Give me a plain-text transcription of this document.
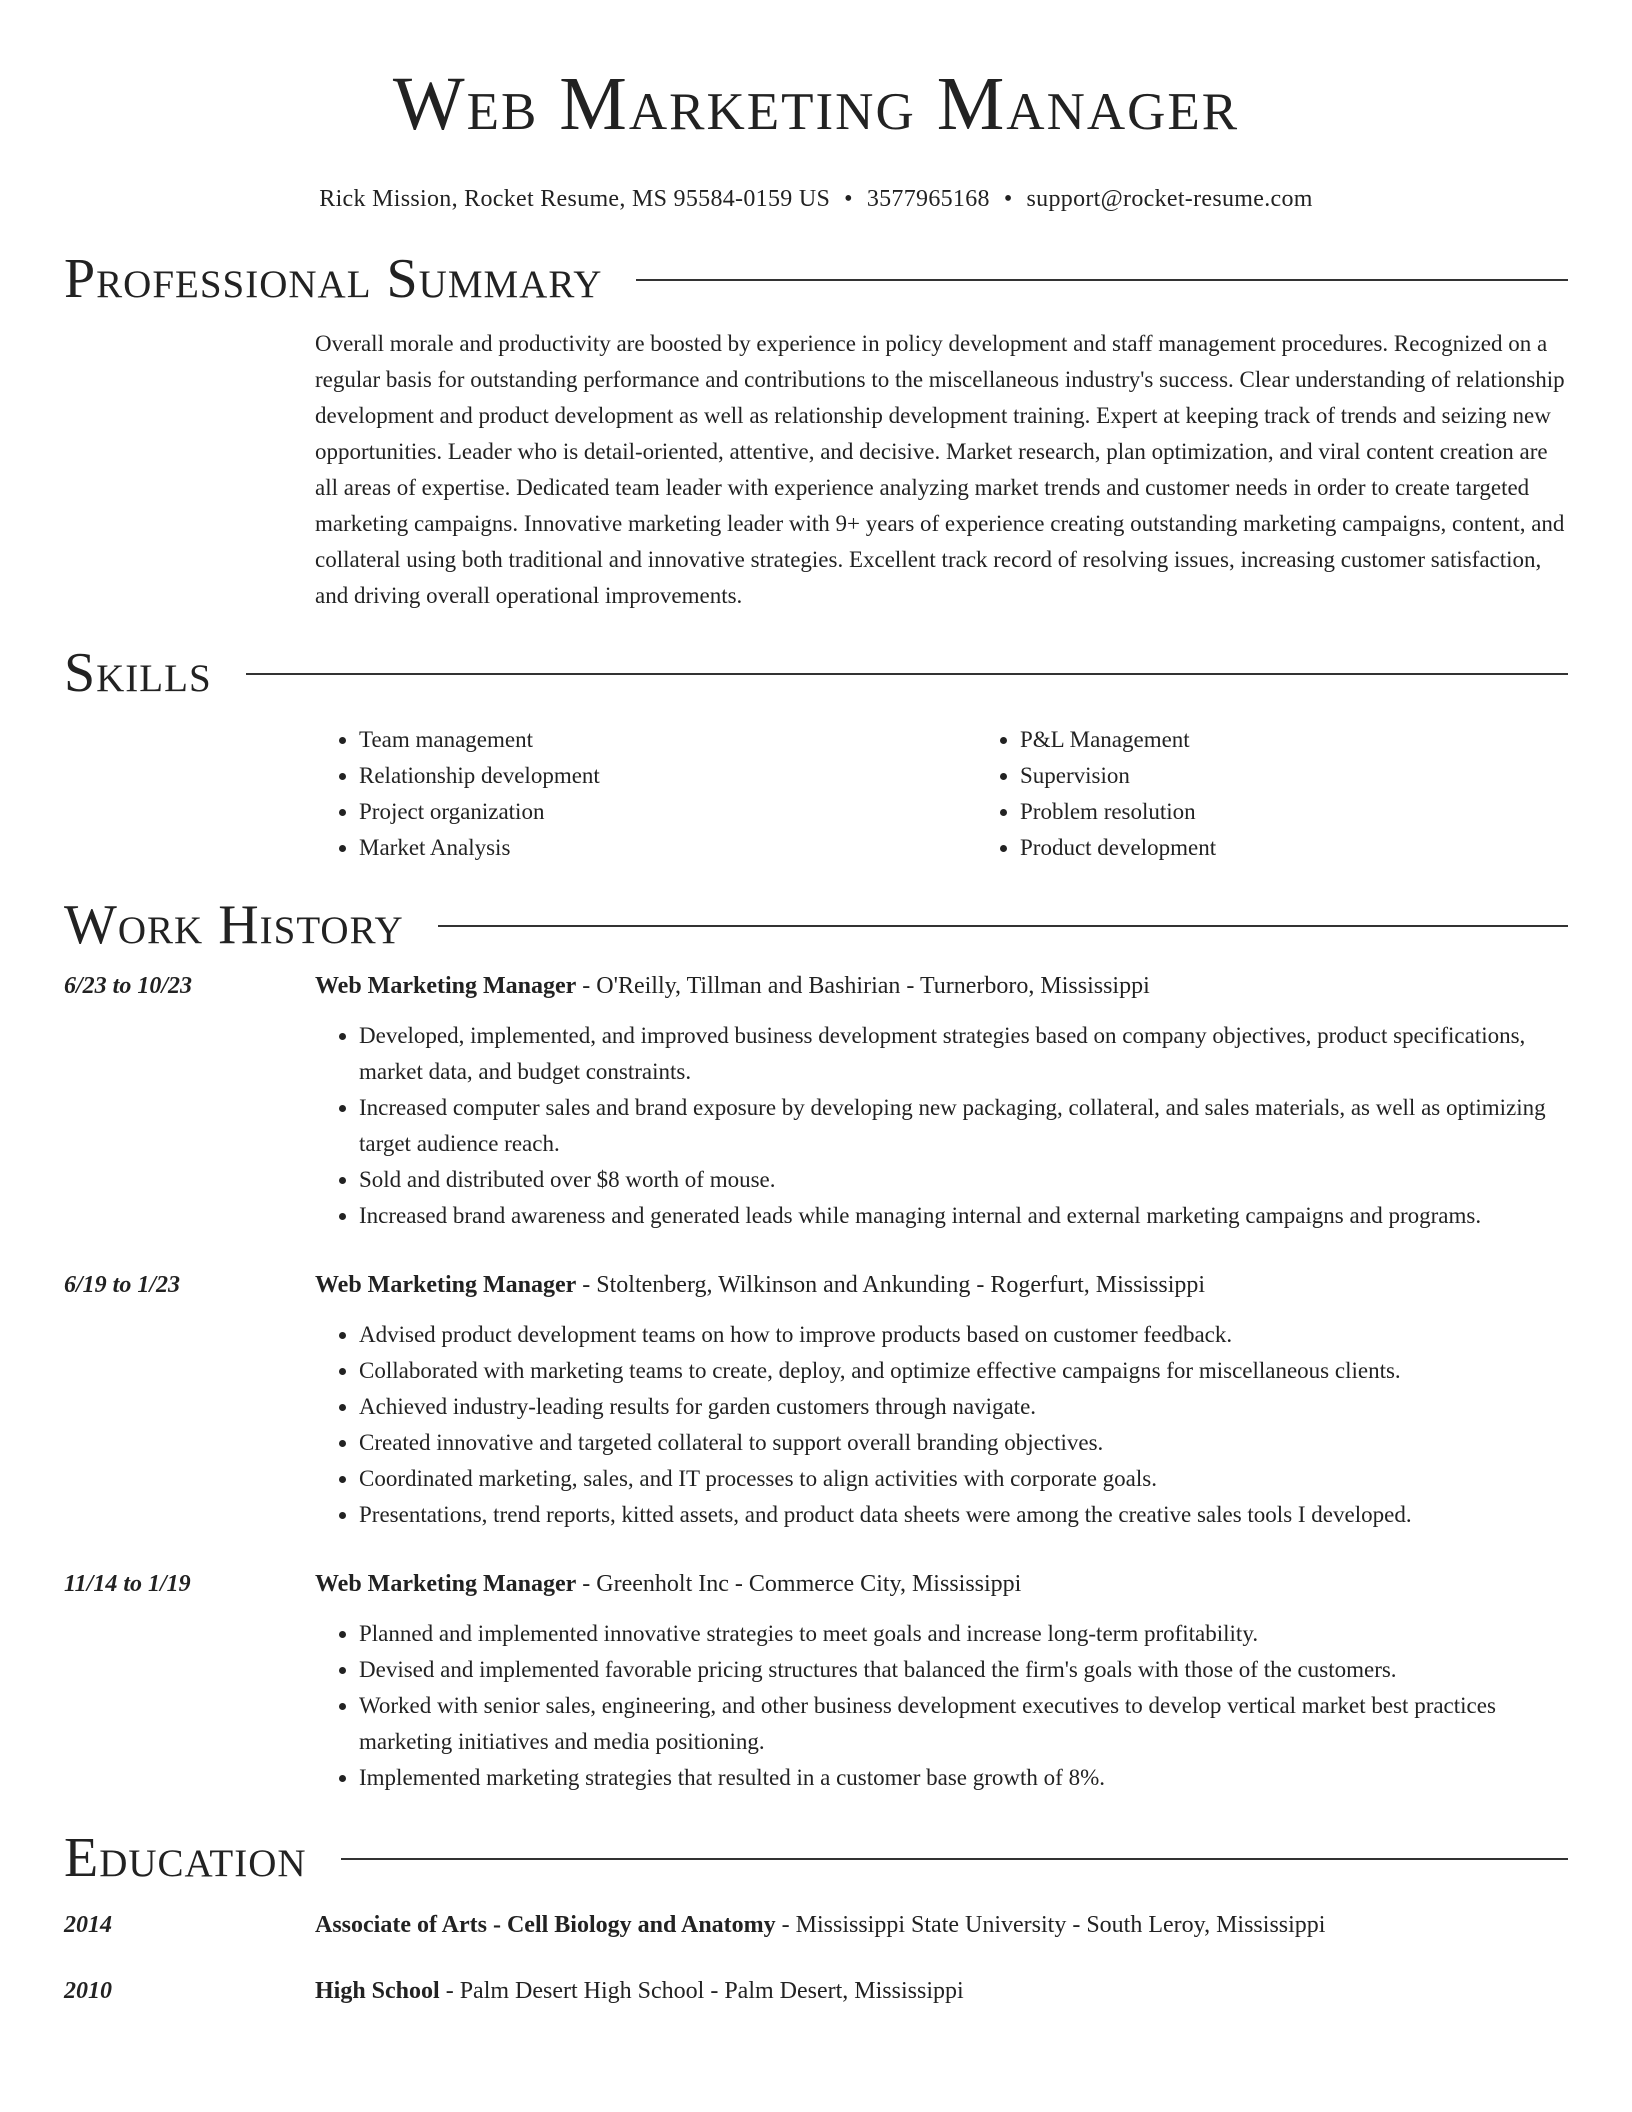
Web Marketing Manager
Rick Mission, Rocket Resume, MS 95584-0159 US • 3577965168 • support@rocket-resume.com
Professional Summary

Overall morale and productivity are boosted by experience in policy development and staff management procedures. Recognized on a regular basis for outstanding performance and contributions to the miscellaneous industry's success. Clear understanding of relationship development and product development as well as relationship development training. Expert at keeping track of trends and seizing new opportunities. Leader who is detail-oriented, attentive, and decisive. Market research, plan optimization, and viral content creation are all areas of expertise. Dedicated team leader with experience analyzing market trends and customer needs in order to create targeted marketing campaigns. Innovative marketing leader with 9+ years of experience creating outstanding marketing campaigns, content, and collateral using both traditional and innovative strategies. Excellent track record of resolving issues, increasing customer satisfaction, and driving overall operational improvements.

Skills
• Team management
• Relationship development
• Project organization
• Market Analysis
• P&L Management
• Supervision
• Problem resolution
• Product development
Work History
6/23 to 10/23	Web Marketing Manager - O'Reilly, Tillman and Bashirian - Turnerboro, Mississippi
• Developed, implemented, and improved business development strategies based on company objectives, product specifications, market data, and budget constraints.
• Increased computer sales and brand exposure by developing new packaging, collateral, and sales materials, as well as optimizing target audience reach.
• Sold and distributed over $8 worth of mouse.
• Increased brand awareness and generated leads while managing internal and external marketing campaigns and programs.
6/19 to 1/23	Web Marketing Manager - Stoltenberg, Wilkinson and Ankunding - Rogerfurt, Mississippi
• Advised product development teams on how to improve products based on customer feedback.
• Collaborated with marketing teams to create, deploy, and optimize effective campaigns for miscellaneous clients.
• Achieved industry-leading results for garden customers through navigate.
• Created innovative and targeted collateral to support overall branding objectives.
• Coordinated marketing, sales, and IT processes to align activities with corporate goals.
• Presentations, trend reports, kitted assets, and product data sheets were among the creative sales tools I developed.
11/14 to 1/19	Web Marketing Manager - Greenholt Inc - Commerce City, Mississippi
• Planned and implemented innovative strategies to meet goals and increase long-term profitability.
• Devised and implemented favorable pricing structures that balanced the firm's goals with those of the customers.
• Worked with senior sales, engineering, and other business development executives to develop vertical market best practices marketing initiatives and media positioning.
• Implemented marketing strategies that resulted in a customer base growth of 8%.
Education
2014	Associate of Arts - Cell Biology and Anatomy - Mississippi State University - South Leroy, Mississippi
2010	High School - Palm Desert High School - Palm Desert, Mississippi
